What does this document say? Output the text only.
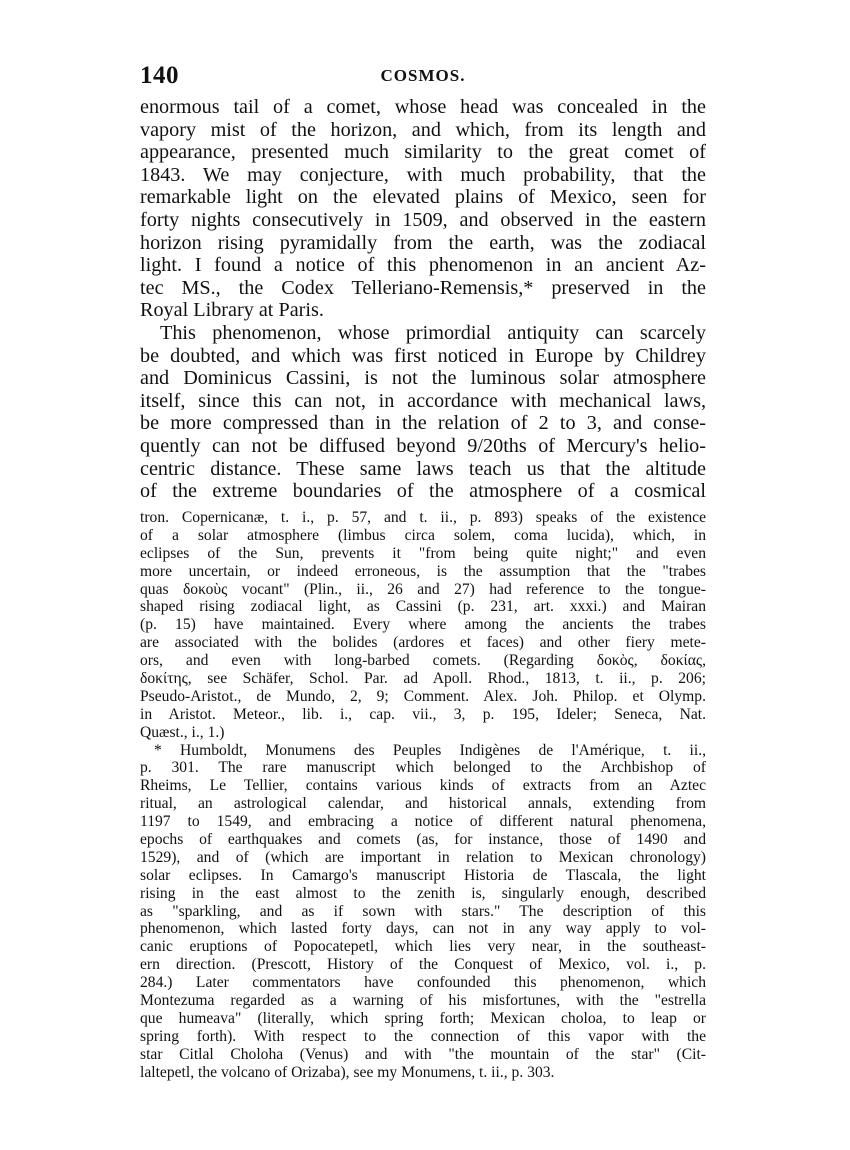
140	COSMOS.
enormous tail of a comet, whose head was concealed in the
vapory mist of the horizon, and which, from its length and
appearance, presented much similarity to the great comet of
1843. We may conjecture, with much probability, that the
remarkable light on the elevated plains of Mexico, seen for
forty nights consecutively in 1509, and observed in the eastern
horizon rising pyramidally from the earth, was the zodiacal
light. I found a notice of this phenomenon in an ancient Az-
tec MS., the Codex Telleriano-Remensis,* preserved in the
Royal Library at Paris.
This phenomenon, whose primordial antiquity can scarcely
be doubted, and which was first noticed in Europe by Childrey
and Dominicus Cassini, is not the luminous solar atmosphere
itself, since this can not, in accordance with mechanical laws,
be more compressed than in the relation of 2 to 3, and conse-
quently can not be diffused beyond 9/20ths of Mercury's helio-
centric distance. These same laws teach us that the altitude
of the extreme boundaries of the atmosphere of a cosmical
tron. Copernicanæ, t. i., p. 57, and t. ii., p. 893) speaks of the existence
of a solar atmosphere (limbus circa solem, coma lucida), which, in
eclipses of the Sun, prevents it "from being quite night;" and even
more uncertain, or indeed erroneous, is the assumption that the "trabes
quas δοκοὺς vocant" (Plin., ii., 26 and 27) had reference to the tongue-
shaped rising zodiacal light, as Cassini (p. 231, art. xxxi.) and Mairan
(p. 15) have maintained. Every where among the ancients the trabes
are associated with the bolides (ardores et faces) and other fiery mete-
ors, and even with long-barbed comets. (Regarding δοκὸς, δοκίας,
δοκίτης, see Schäfer, Schol. Par. ad Apoll. Rhod., 1813, t. ii., p. 206;
Pseudo-Aristot., de Mundo, 2, 9; Comment. Alex. Joh. Philop. et Olymp.
in Aristot. Meteor., lib. i., cap. vii., 3, p. 195, Ideler; Seneca, Nat.
Quæst., i., 1.)
* Humboldt, Monumens des Peuples Indigènes de l'Amérique, t. ii.,
p. 301. The rare manuscript which belonged to the Archbishop of
Rheims, Le Tellier, contains various kinds of extracts from an Aztec
ritual, an astrological calendar, and historical annals, extending from
1197 to 1549, and embracing a notice of different natural phenomena,
epochs of earthquakes and comets (as, for instance, those of 1490 and
1529), and of (which are important in relation to Mexican chronology)
solar eclipses. In Camargo's manuscript Historia de Tlascala, the light
rising in the east almost to the zenith is, singularly enough, described
as "sparkling, and as if sown with stars." The description of this
phenomenon, which lasted forty days, can not in any way apply to vol-
canic eruptions of Popocatepetl, which lies very near, in the southeast-
ern direction. (Prescott, History of the Conquest of Mexico, vol. i., p.
284.) Later commentators have confounded this phenomenon, which
Montezuma regarded as a warning of his misfortunes, with the "estrella
que humeava" (literally, which spring forth; Mexican choloa, to leap or
spring forth). With respect to the connection of this vapor with the
star Citlal Choloha (Venus) and with "the mountain of the star" (Cit-
laltepetl, the volcano of Orizaba), see my Monumens, t. ii., p. 303.
